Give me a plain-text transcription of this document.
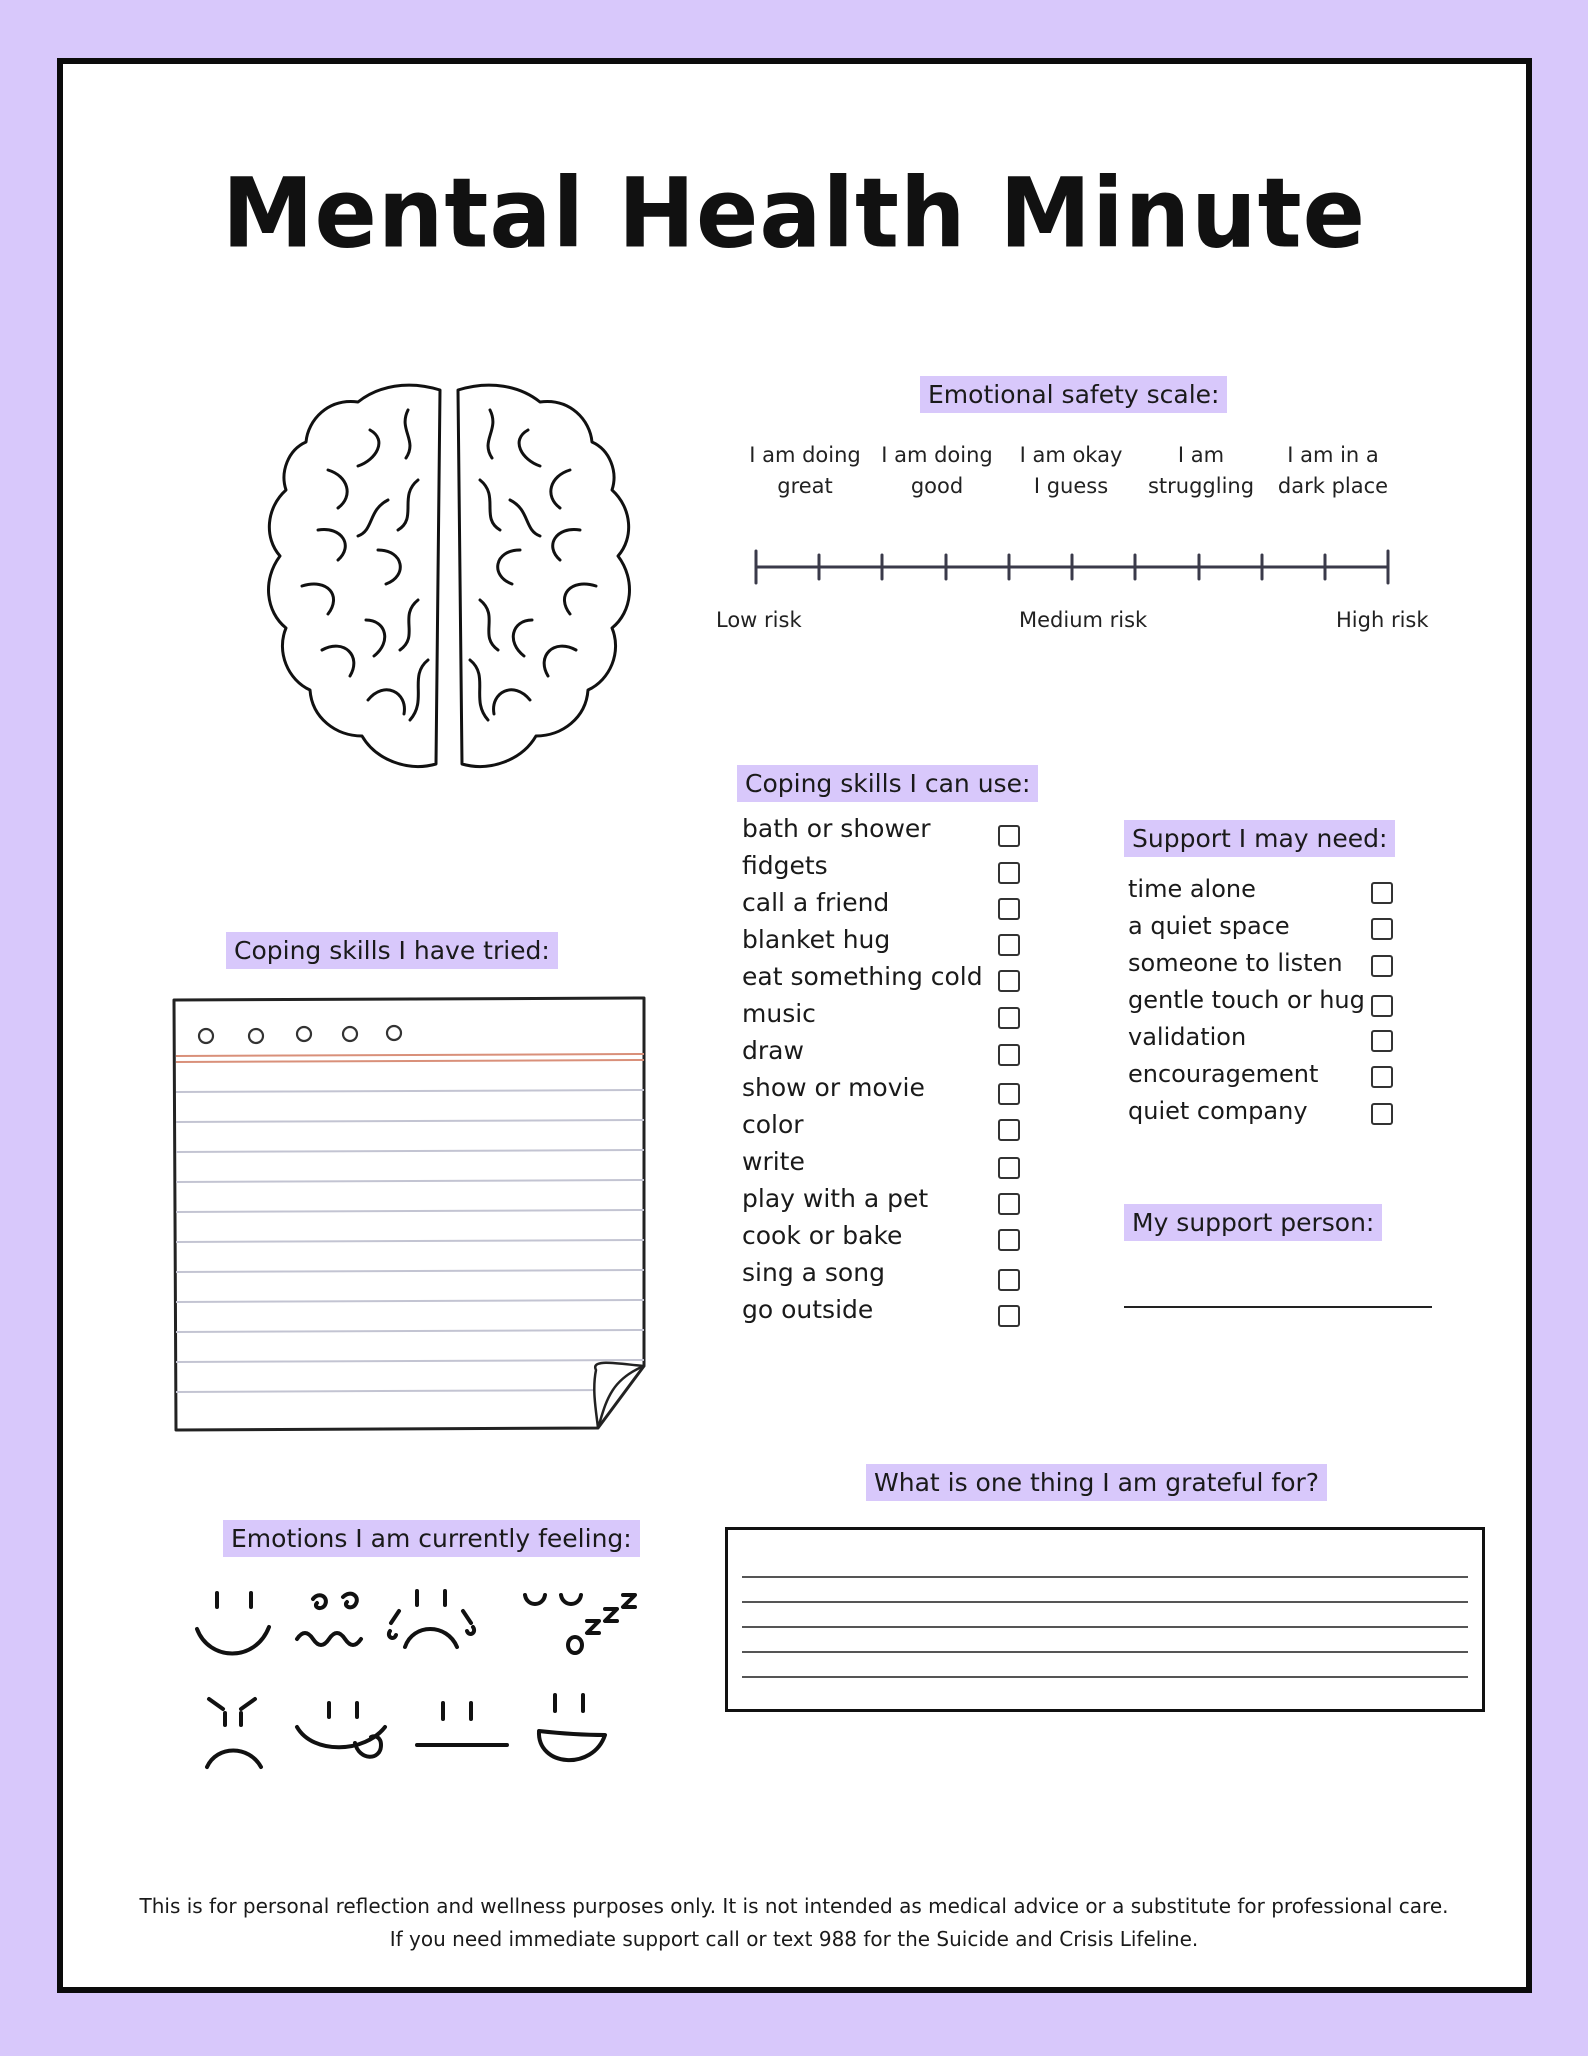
Mental Health Minute
Emotional safety scale:
I am doing
great
I am doing
good
I am okay
I guess
I am
struggling
I am in a
dark place
Low risk	Medium risk	High risk
Coping skills I have tried:
Coping skills I can use:
bath or shower
fidgets
call a friend
blanket hug
eat something cold
music
draw
show or movie
color
write
play with a pet
cook or bake
sing a song
go outside
Support I may need:
time alone
a quiet space
someone to listen
gentle touch or hug
validation
encouragement
quiet company
My support person:
What is one thing I am grateful for?
Emotions I am currently feeling:
This is for personal reflection and wellness purposes only. It is not intended as medical advice or a substitute for professional care.
If you need immediate support call or text 988 for the Suicide and Crisis Lifeline.
